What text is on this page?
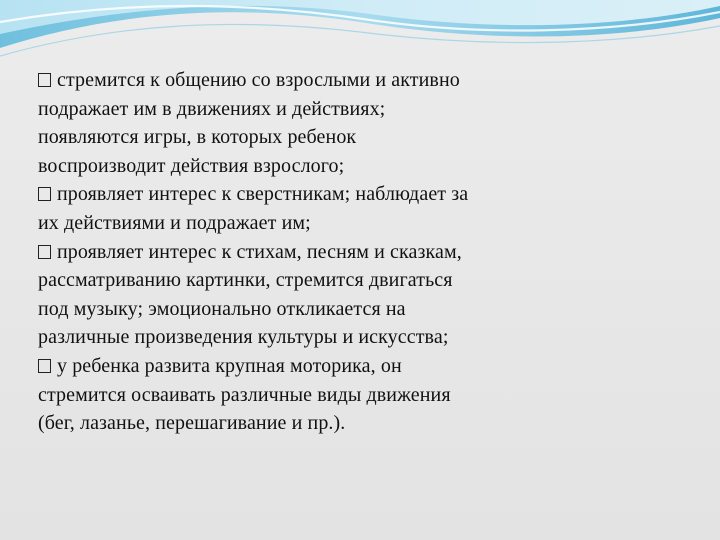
стремится к общению со взрослыми и активно
подражает им в движениях и действиях;
появляются игры, в которых ребенок
воспроизводит действия взрослого;
проявляет интерес к сверстникам; наблюдает за
их действиями и подражает им;
проявляет интерес к стихам, песням и сказкам,
рассматриванию картинки, стремится двигаться
под музыку; эмоционально откликается на
различные произведения культуры и искусства;
у ребенка развита крупная моторика, он
стремится осваивать различные виды движения
(бег, лазанье, перешагивание и пр.).
